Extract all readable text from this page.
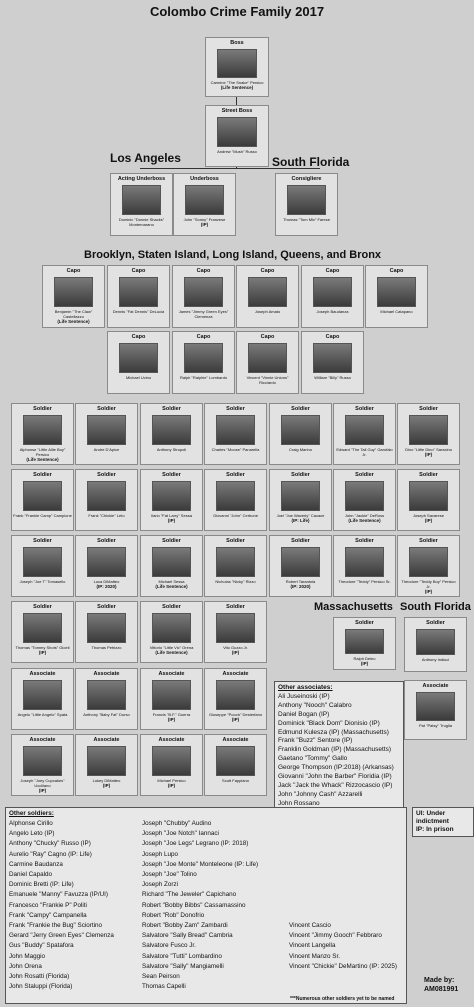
Colombo Crime Family 2017
Los Angeles	South Florida
Brooklyn, Staten Island, Long Island, Queens, and Bronx
Massachusetts South Florida
Boss
Carmine "The Snake" Persico
(Life Sentence)
Street Boss
Andrew "Mush" Russo
Acting Underboss
Dominic "Donnie Shacks" Montemarano
Underboss
John "Sonny" Franzese
(IP)
Consigliere
Thomas "Tom Mix" Farese
Capo
Benjamin "The Claw" Castellazzo
(Life Sentence)
Capo
Dennis "Fat Dennis" DeLucia
Capo
James "Jimmy Green Eyes" Clemenza
Capo
Joseph Amato
Capo
Joseph Baudanza
Capo
Michael Catapano
Capo
Michael Uvino
Capo
Ralph "Ralphie" Lombardo
Capo
Vincent "Vinnie Unions" Ricciardo
Capo
William "Billy" Russo
Soldier
Alphonse "Little Allie Boy" Persico
(Life Sentence)
Soldier
Andre D'Apice
Soldier
Anthony Stropoli
Soldier
Charles "Moose" Panarella
Soldier
Craig Marino
Soldier
Edward "The Tall Guy" Garofalo Jr.
Soldier
Dino "Little Dino" Saracino
(IP)
Soldier
Frank "Frankie Camp" Campione
Soldier
Frank "Chickie" Leto
Soldier
Ilario "Fat Larry" Sessa
(IP)
Soldier
Giovanni "John" Cerbone
Soldier
Joel "Joe Waverly" Cacace
(IP: Life)
Soldier
John "Jackie" DeRoss
(Life Sentence)
Soldier
Joseph Savarese
(IP)
Soldier
Joseph "Joe T" Tomasello
Soldier
Luca DiMatteo
(IP: 2020)
Soldier
Michael Sessa
(Life Sentence)
Soldier
Nicholas "Nicky" Rizzo
Soldier
Robert Tarantola
(IP: 2020)
Soldier
Theodore "Teddy" Persico Sr.
Soldier
Theodore "Teddy Boy" Persico Jr.
(IP)
Soldier
Thomas "Tommy Shots" Gioeli
(IP)
Soldier
Thomas Petrizzo
Soldier
Vittorio "Little Vic" Orena
(Life Sentence)
Soldier
Vito Guzzo Jr.
(IP)
Soldier
Ralph Deleo
(IP)
Soldier
Anthony Indiuci
Associate
Angelo "Little Angelo" Spata
Associate
Anthony "Baby Fat" Durso
Associate
Francis "B.F." Guerra
(IP)
Associate
Giuseppe "Pooch" Desterfano
(IP)
Associate
Joseph "Joey Cupcakes" Ucciliano
(IP)
Associate
Lukey DiMatteo
(IP)
Associate
Michael Persico
(IP)
Associate
Scott Fappiano
Associate
Pat "Patsy" Truglia
Other associates:
Ali Juseinoski (IP)
Anthony "Nooch" Calabro
Daniel Bogan (IP)
Dominick "Black Dom" Dionisio (IP)
Edmund Kulesza (IP) (Massachusetts)
Frank "Buzz" Sentore (IP)
Franklin Goldman (IP) (Massachusetts)
Gaetano "Tommy" Gallo
George Thompson (IP:2018) (Arkansas)
Giovanni "John the Barber" Floridia (IP)
Jack "Jack the Whack" Rizzocascio (IP)
John "Johnny Cash" Azzarelli
John Rossano
UI: Under indictment
IP: In prison
Other soldiers:
Alphonse Cirillo
Angelo Leto (IP)
Anthony "Chucky" Russo (IP)
Aurelio "Ray" Cagno (IP: Life)
Carmine Baudanza
Daniel Capaldo
Dominic Bretti (IP: Life)
Emanuele "Manny" Favuzza (IP/UI)
Francesco "Frankie P" Politi
Frank "Campy" Campanella
Frank "Frankie the Bug" Sciortino
Gerard "Jerry Green Eyes" Clemenza
Gus "Buddy" Spatafora
John Maggio
John Orena
John Rosatti (Florida)
John Staluppi (Florida)
Joseph "Chubby" Audino
Joseph "Joe Notch" Iannaci
Joseph "Joe Legs" Legrano (IP: 2018)
Joseph Lupo
Joseph "Joe Monte" Monteleone (IP: Life)
Joseph "Joe" Tolino
Joseph Zorzi
Richard "The Jeweler" Capichano
Robert "Bobby Bibbs" Cassamassino
Robert "Rob" Donofrio
Robert "Bobby Zam" Zambardi
Salvatore "Sally Bread" Cambria
Salvatore Fusco Jr.
Salvatore "Tutti" Lombardino
Salvatore "Sally" Mangiamelli
Sean Peirson
Thomas Capelli
Vincent Cascio
Vincent "Jimmy Gooch" Febbraro
Vincent Langella
Vincent Manzo Sr.
Vincent "Chickie" DeMartino (IP: 2025)
***Numerous other soldiers yet to be named
Made by:
AM081991
